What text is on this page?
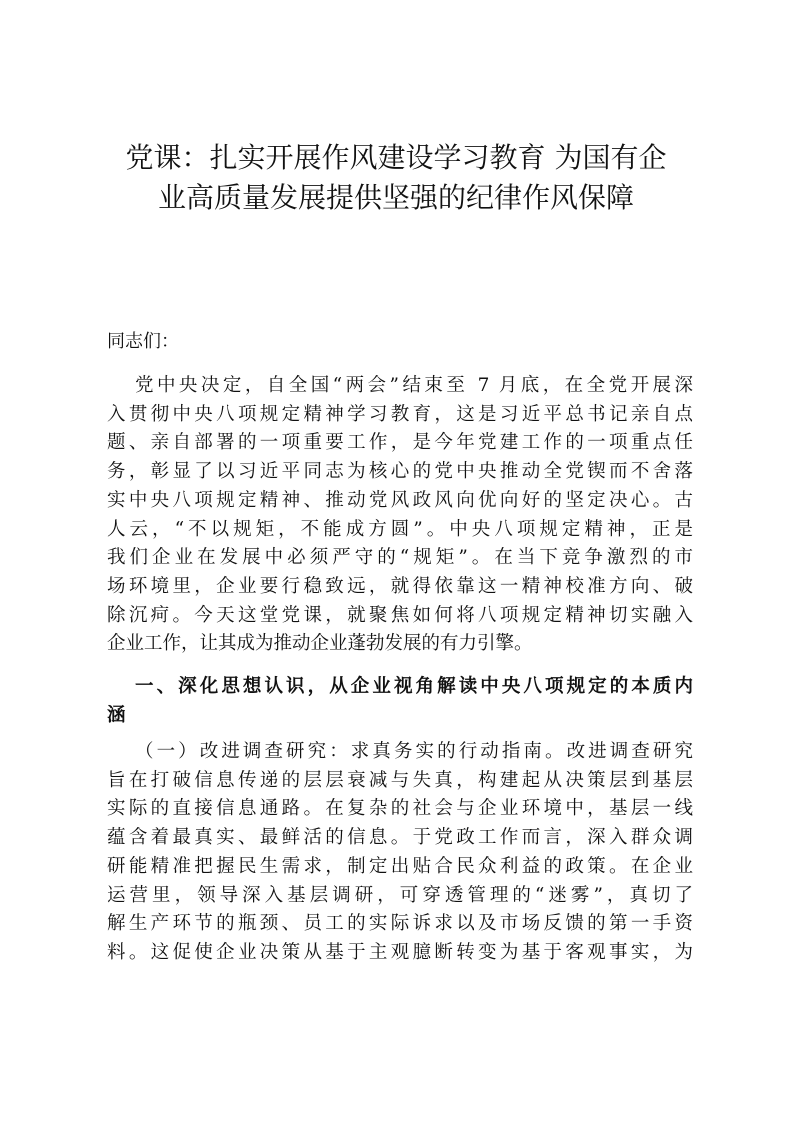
党课：扎实开展作风建设学习教育 为国有企
业高质量发展提供坚强的纪律作风保障
同志们：
党中央决定，自全国“两会”结束至 7 月底，在全党开展深
入贯彻中央八项规定精神学习教育，这是习近平总书记亲自点
题、亲自部署的一项重要工作，是今年党建工作的一项重点任
务，彰显了以习近平同志为核心的党中央推动全党锲而不舍落
实中央八项规定精神、推动党风政风向优向好的坚定决心。古
人云，“不以规矩，不能成方圆”。中央八项规定精神，正是
我们企业在发展中必须严守的“规矩”。在当下竞争激烈的市
场环境里，企业要行稳致远，就得依靠这一精神校准方向、破
除沉疴。今天这堂党课，就聚焦如何将八项规定精神切实融入
企业工作，让其成为推动企业蓬勃发展的有力引擎。
一、深化思想认识，从企业视角解读中央八项规定的本质内
涵
（一）改进调查研究：求真务实的行动指南。改进调查研究
旨在打破信息传递的层层衰减与失真，构建起从决策层到基层
实际的直接信息通路。在复杂的社会与企业环境中，基层一线
蕴含着最真实、最鲜活的信息。于党政工作而言，深入群众调
研能精准把握民生需求，制定出贴合民众利益的政策。在企业
运营里，领导深入基层调研，可穿透管理的“迷雾”，真切了
解生产环节的瓶颈、员工的实际诉求以及市场反馈的第一手资
料。这促使企业决策从基于主观臆断转变为基于客观事实，为
